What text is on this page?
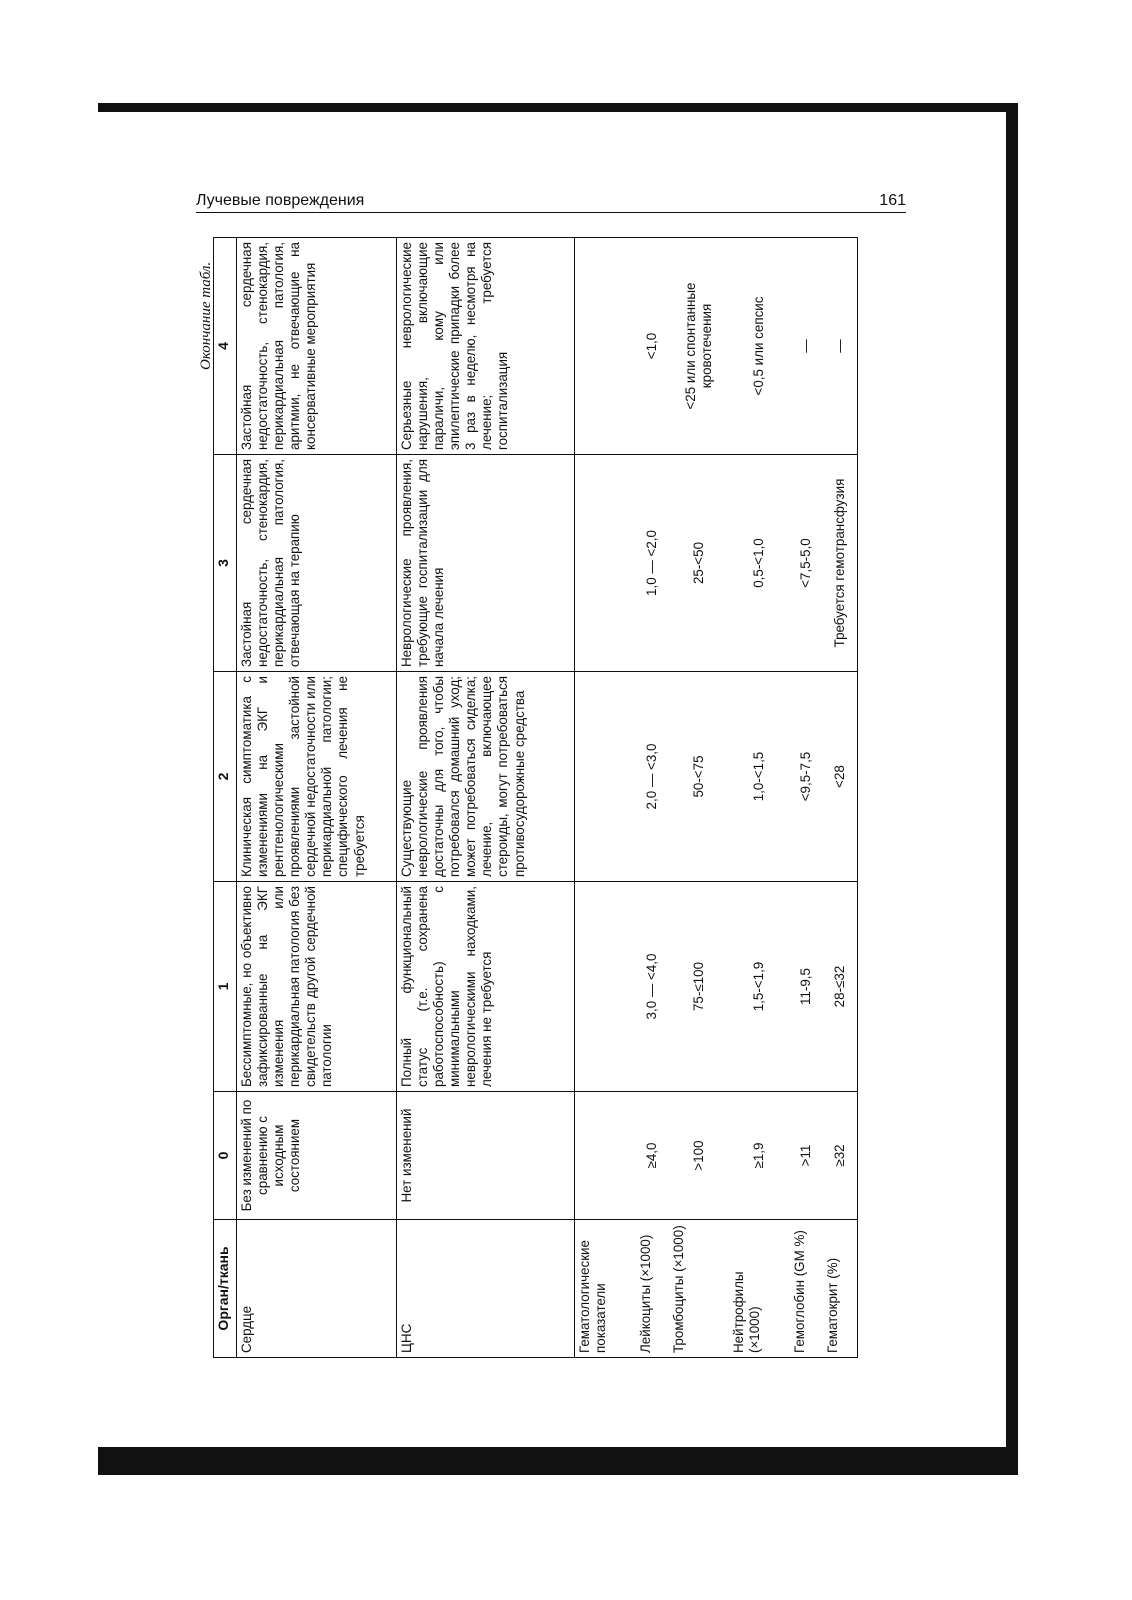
Лучевые повреждения	161
Окончание табл.
Орган/ткань	0	1	2	3	4
Сердце	Без изменений по сравнению с исходным состоянием	Бессимптомные, но объективно зафиксированные на ЭКГ изменения или перикардиальная патология без свидетельств другой сердечной патологии	Клиническая симптоматика с изменениями на ЭКГ и рентгенологическими проявлениями застойной сердечной недостаточности или перикардиальной патологии; специфического лечения не требуется	Застойная сердечная недостаточность, стенокардия, перикардиальная патология, отвечающая на терапию	Застойная сердечная недостаточность, стенокардия, перикардиальная патология, аритмии, не отвечающие на консервативные мероприятия
ЦНС	Нет изменений	Полный функциональный статус (т.е. сохранена работоспособность) с минимальными неврологическими находками, лечения не требуется	Существующие неврологические проявления достаточны для того, чтобы потребовался домашний уход; может потребоваться сиделка; лечение, включающее стероиды, могут потребоваться противосудорожные средства	Неврологические проявления, требующие госпитализации для начала лечения	Серьезные неврологические нарушения, включающие параличи, кому или эпилептические припадки более 3 раз в неделю, несмотря на лечение; требуется госпитализация
Гематологические показатели					
Лейкоциты (×1000)	≥4,0	3,0 — <4,0	2,0 — <3,0	1,0 — <2,0	<1,0
Тромбоциты (×1000)	>100	75-≤100	50-<75	25-<50	<25 или спонтанные кровотечения
Нейтрофилы (×1000)	≥1,9	1,5-<1,9	1,0-<1,5	0,5-<1,0	<0,5 или сепсис
Гемоглобин (GM %)	>11	11-9,5	<9,5-7,5	<7,5-5,0	—
Гематокрит (%)	≥32	28-≤32	<28	Требуется гемотрансфузия	—
